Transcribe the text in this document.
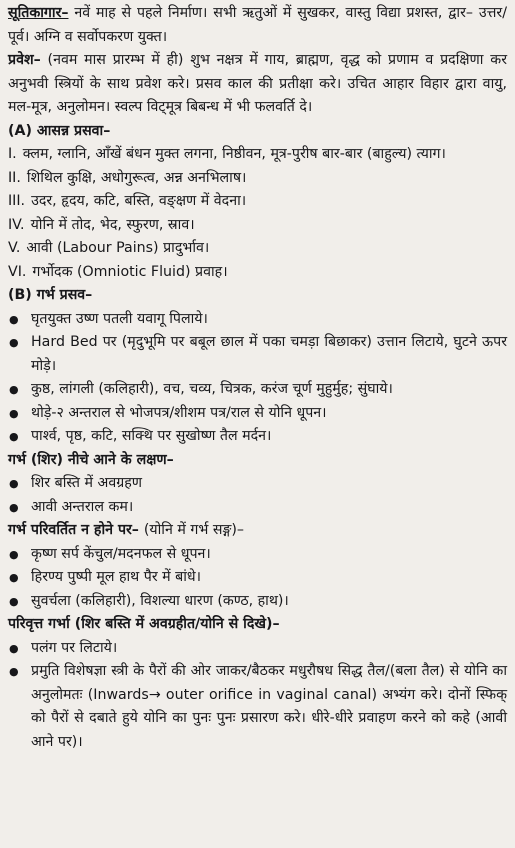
सूतिकागार– नवें माह से पहले निर्माण। सभी ऋतुओं में सुखकर, वास्तु विद्या प्रशस्त, द्वार– उत्तर/पूर्व। अग्नि व सर्वोपकरण युक्त।

प्रवेश– (नवम मास प्रारम्भ में ही) शुभ नक्षत्र में गाय, ब्राह्मण, वृद्ध को प्रणाम व प्रदक्षिणा कर अनुभवी स्त्रियों के साथ प्रवेश करे। प्रसव काल की प्रतीक्षा करे। उचित आहार विहार द्वारा वायु, मल-मूत्र, अनुलोमन। स्वल्प विट्मूत्र बिबन्ध में भी फलवर्ति दे।

(A) आसन्न प्रसवा–

I. क्लम, ग्लानि, आँखें बंधन मुक्त लगना, निष्ठीवन, मूत्र-पुरीष बार-बार (बाहुल्य) त्याग।
II. शिथिल कुक्षि, अधोगुरूत्व, अन्न अनभिलाष।
III. उदर, हृदय, कटि, बस्ति, वङ्क्षण में वेदना।
IV. योनि में तोद, भेद, स्फुरण, स्राव।
V. आवी (Labour Pains) प्रादुर्भाव।
VI. गर्भोदक (Omniotic Fluid) प्रवाह।

(B) गर्भ प्रसव–

● घृतयुक्त उष्ण पतली यवागू पिलाये।
● Hard Bed पर (मृदुभूमि पर बबूल छाल में पका चमड़ा बिछाकर) उत्तान लिटाये, घुटने ऊपर मोड़े।
● कुष्ठ, लांगली (कलिहारी), वच, चव्य, चित्रक, करंज चूर्ण मुहुर्मुह; सुंघाये।
● थोड़े-२ अन्तराल से भोजपत्र/शीशम पत्र/राल से योनि धूपन।
● पार्श्व, पृष्ठ, कटि, सक्थि पर सुखोष्ण तैल मर्दन।

गर्भ (शिर) नीचे आने के लक्षण–

● शिर बस्ति में अवग्रहण
● आवी अन्तराल कम।

गर्भ परिवर्तित न होने पर– (योनि में गर्भ सङ्ग)–

● कृष्ण सर्प केंचुल/मदनफल से धूपन।
● हिरण्य पुष्पी मूल हाथ पैर में बांधे।
● सुवर्चला (कलिहारी), विशल्या धारण (कण्ठ, हाथ)।

परिवृत्त गर्भा (शिर बस्ति में अवग्रहीत/योनि से दिखे)–

● पलंग पर लिटाये।
● प्रमुति विशेषज्ञा स्त्री के पैरों की ओर जाकर/बैठकर मधुरौषध सिद्ध तैल/(बला तैल) से योनि का अनुलोमतः (Inwards→ outer orifice in vaginal canal) अभ्यंग करे। दोनों स्फिक् को पैरों से दबाते हुये योनि का पुनः पुनः प्रसारण करे। धीरे-धीरे प्रवाहण करने को कहे (आवी आने पर)।
